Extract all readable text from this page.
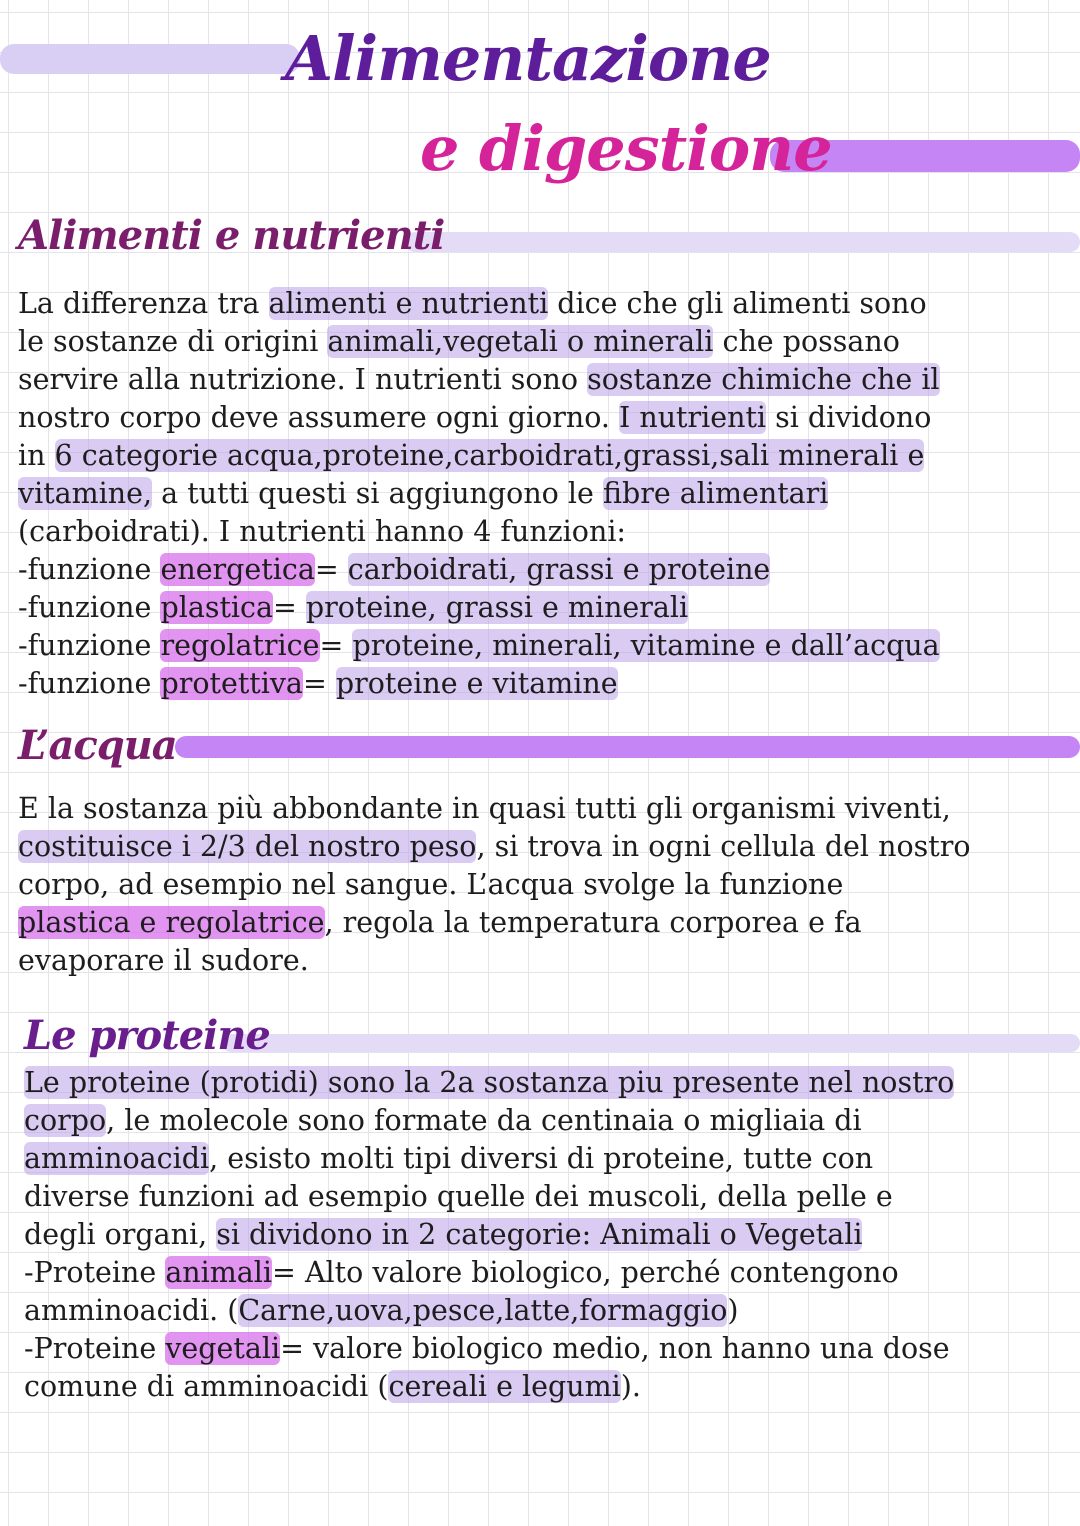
Alimentazione
e digestione
Alimenti e nutrienti
L’acqua
Le proteine
La differenza tra alimenti e nutrienti dice che gli alimenti sono
le sostanze di origini animali,vegetali o minerali che possano
servire alla nutrizione. I nutrienti sono sostanze chimiche che il
nostro corpo deve assumere ogni giorno. I nutrienti si dividono
in 6 categorie acqua,proteine,carboidrati,grassi,sali minerali e
vitamine, a tutti questi si aggiungono le fibre alimentari
(carboidrati). I nutrienti hanno 4 funzioni:
-funzione energetica= carboidrati, grassi e proteine
-funzione plastica= proteine, grassi e minerali
-funzione regolatrice= proteine, minerali, vitamine e dall’acqua
-funzione protettiva= proteine e vitamine
E la sostanza più abbondante in quasi tutti gli organismi viventi,
costituisce i 2/3 del nostro peso, si trova in ogni cellula del nostro
corpo, ad esempio nel sangue. L’acqua svolge la funzione
plastica e regolatrice, regola la temperatura corporea e fa
evaporare il sudore.
Le proteine (protidi) sono la 2a sostanza piu presente nel nostro
corpo, le molecole sono formate da centinaia o migliaia di
amminoacidi, esisto molti tipi diversi di proteine, tutte con
diverse funzioni ad esempio quelle dei muscoli, della pelle e
degli organi, si dividono in 2 categorie: Animali o Vegetali
-Proteine animali= Alto valore biologico, perché contengono
amminoacidi. (Carne,uova,pesce,latte,formaggio)
-Proteine vegetali= valore biologico medio, non hanno una dose
comune di amminoacidi (cereali e legumi).
